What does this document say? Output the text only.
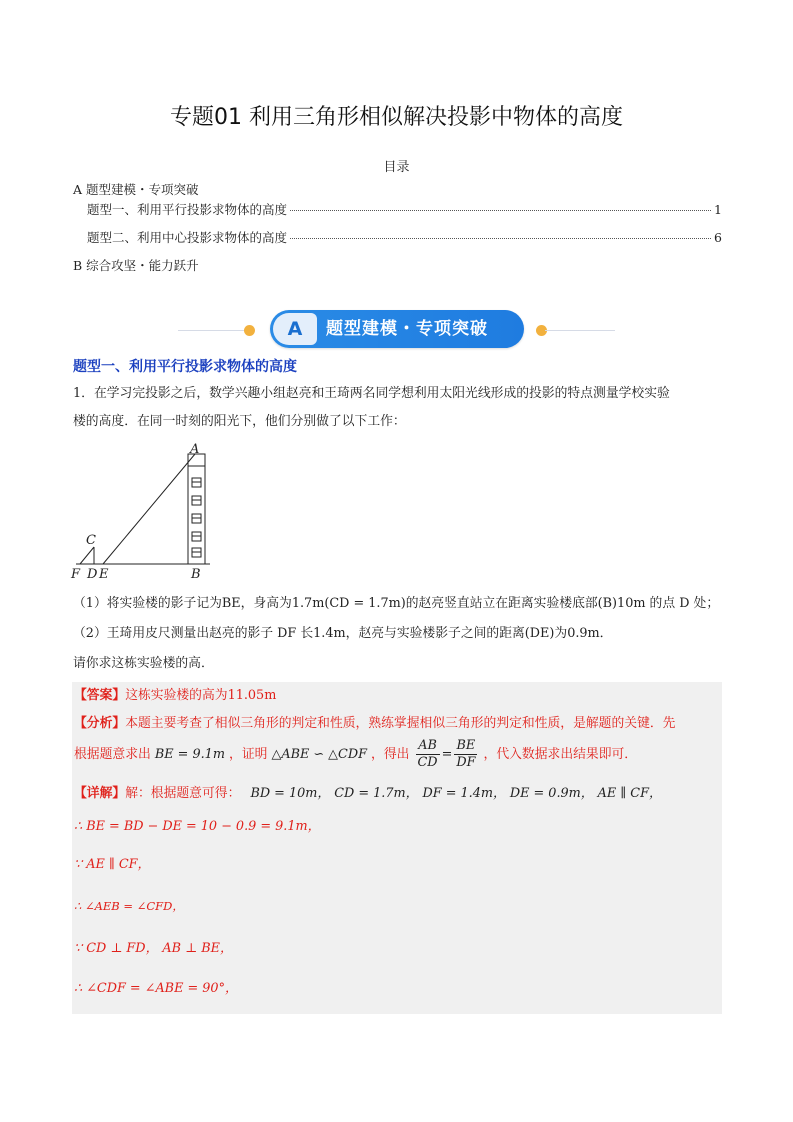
专题01 利用三角形相似解决投影中物体的高度
目录
A 题型建模・专项突破
题型一、利用平行投影求物体的高度	1
题型二、利用中心投影求物体的高度	6
B 综合攻坚・能力跃升
A	题型建模・专项突破
题型一、利用平行投影求物体的高度
1．在学习完投影之后，数学兴趣小组赵亮和王琦两名同学想利用太阳光线形成的投影的特点测量学校实验
楼的高度．在同一时刻的阳光下，他们分别做了以下工作：
A
B
C
D E
F
（1）将实验楼的影子记为BE，身高为1.7m(CD = 1.7m)的赵亮竖直站立在距离实验楼底部(B)10m 的点 D 处；
（2）王琦用皮尺测量出赵亮的影子 DF 长1.4m，赵亮与实验楼影子之间的距离(DE)为0.9m．
请你求这栋实验楼的高．
【答案】这栋实验楼的高为11.05m
【分析】本题主要考查了相似三角形的判定和性质，熟练掌握相似三角形的判定和性质，是解题的关键．先
根据题意求出 BE = 9.1m ，证明 △ABE ∽ △CDF ，得出 $\frac{AB}{CD} = \frac{BE}{DF}$ ，代入数据求出结果即可．
【详解】解：根据题意可得： BD = 10m， CD = 1.7m， DF = 1.4m， DE = 0.9m， AE ∥ CF，
∴ BE = BD − DE = 10 − 0.9 = 9.1m，
∵ AE ∥ CF，
∴ ∠AEB = ∠CFD，
∵ CD ⊥ FD， AB ⊥ BE，
∴ ∠CDF = ∠ABE = 90°，
